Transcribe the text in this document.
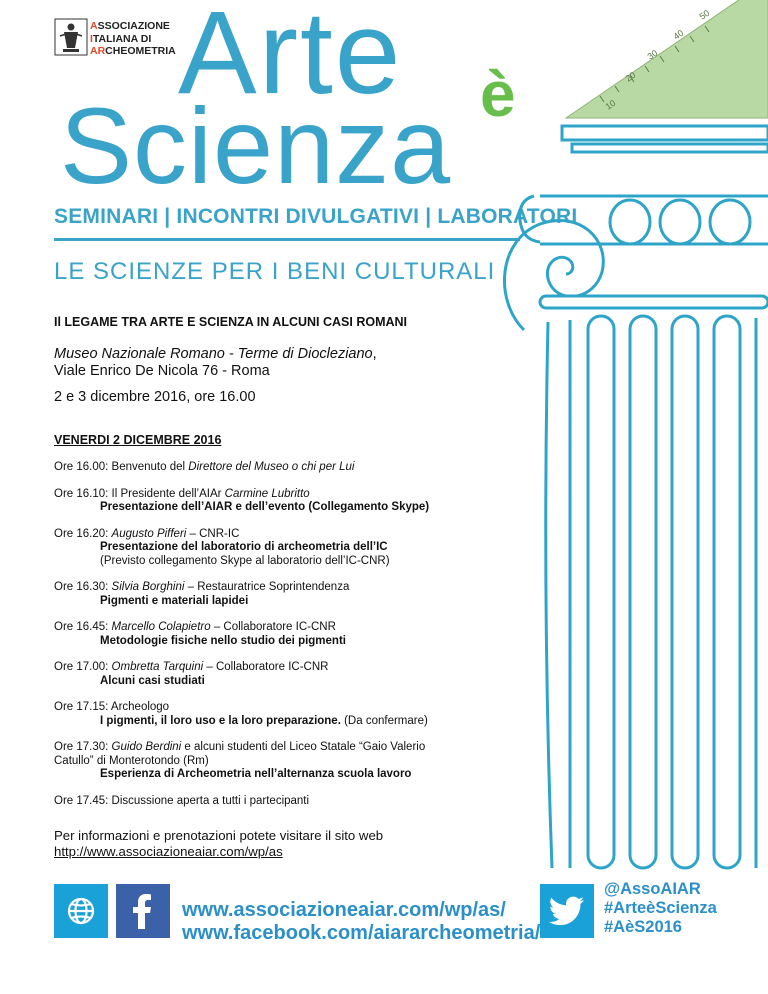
ASSOCIAZIONE
ITALIANA DI
ARCHEOMETRIA Arte è
Scienza
SEMINARI | INCONTRI DIVULGATIVI | LABORATORI
LE SCIENZE PER I BENI CULTURALI
10
20
30
40
50
Il LEGAME TRA ARTE E SCIENZA IN ALCUNI CASI ROMANI
Museo Nazionale Romano - Terme di Diocleziano,
Viale Enrico De Nicola 76 - Roma
2 e 3 dicembre 2016, ore 16.00
VENERDI 2 DICEMBRE 2016
Ore 16.00: Benvenuto del Direttore del Museo o chi per Lui
Ore 16.10: Il Presidente dell’AIAr Carmine Lubritto
Presentazione dell’AIAR e dell’evento (Collegamento Skype)
Ore 16.20: Augusto Pifferi – CNR-IC
Presentazione del laboratorio di archeometria dell’IC
(Previsto collegamento Skype al laboratorio dell’IC-CNR)
Ore 16.30: Silvia Borghini – Restauratrice Soprintendenza
Pigmenti e materiali lapidei
Ore 16.45: Marcello Colapietro – Collaboratore IC-CNR
Metodologie fisiche nello studio dei pigmenti
Ore 17.00: Ombretta Tarquini – Collaboratore IC-CNR
Alcuni casi studiati
Ore 17.15: Archeologo
I pigmenti, il loro uso e la loro preparazione. (Da confermare)
Ore 17.30: Guido Berdini e alcuni studenti del Liceo Statale “Gaio Valerio
Catullo” di Monterotondo (Rm)
Esperienza di Archeometria nell’alternanza scuola lavoro
Ore 17.45: Discussione aperta a tutti i partecipanti
Per informazioni e prenotazioni potete visitare il sito web
http://www.associazioneaiar.com/wp/as
www.associazioneaiar.com/wp/as/
www.facebook.com/aiararcheometria/
@AssoAIAR
#ArteèScienza
#AèS2016
